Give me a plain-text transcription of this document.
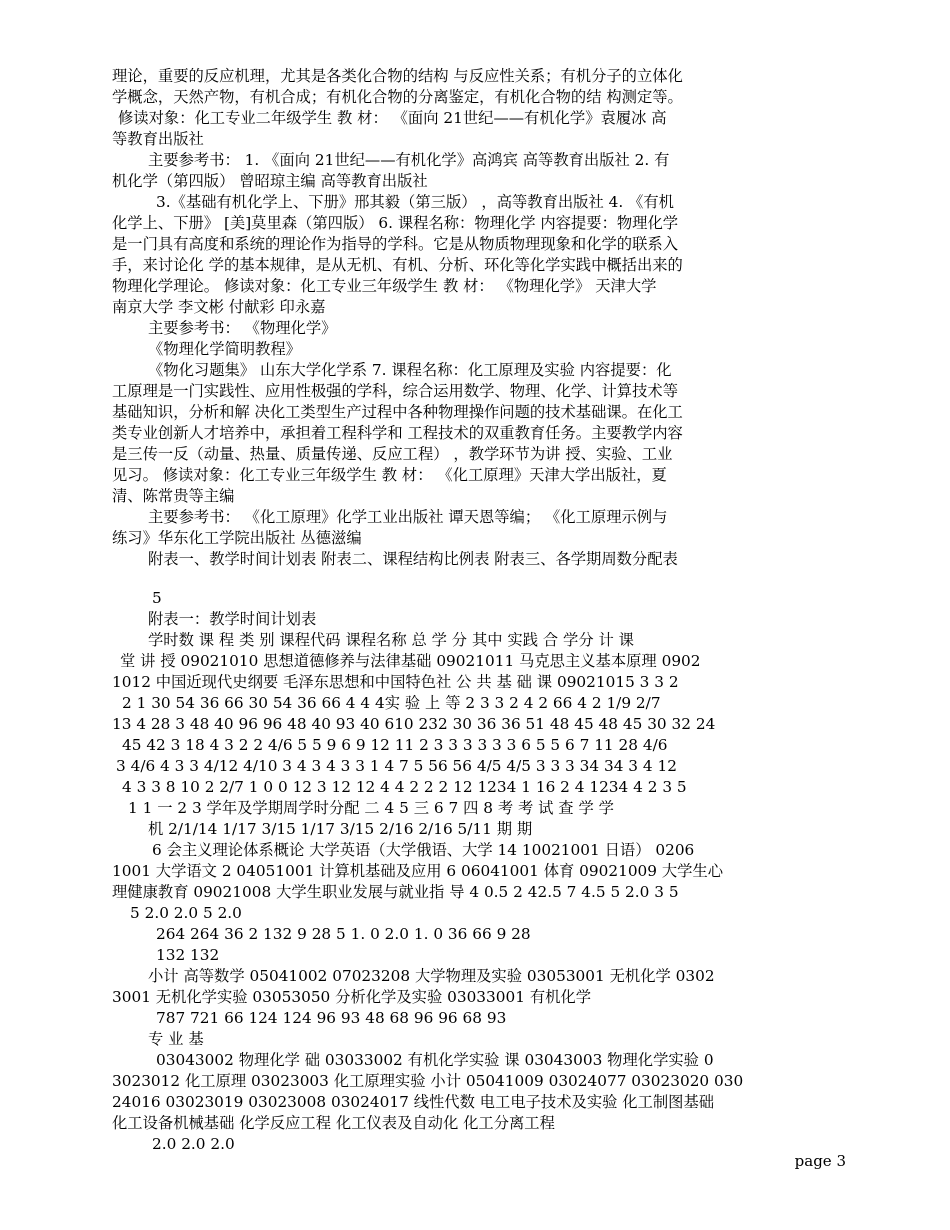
理论，重要的反应机理，尤其是各类化合物的结构 与反应性关系；有机分子的立体化
学概念，天然产物，有机合成；有机化合物的分离鉴定，有机化合物的结 构测定等。
修读对象：化工专业二年级学生 教 材： 《面向 21世纪——有机化学》袁履冰 高
等教育出版社
主要参考书： 1. 《面向 21世纪——有机化学》高鸿宾 高等教育出版社 2. 有
机化学（第四版） 曾昭琼主编 高等教育出版社
3.《基础有机化学上、下册》邢其毅（第三版） ，高等教育出版社 4. 《有机
化学上、下册》 [美]莫里森（第四版） 6. 课程名称：物理化学 内容提要：物理化学
是一门具有高度和系统的理论作为指导的学科。它是从物质物理现象和化学的联系入
手，来讨论化 学的基本规律，是从无机、有机、分析、环化等化学实践中概括出来的
物理化学理论。 修读对象：化工专业三年级学生 教 材： 《物理化学》 天津大学
南京大学 李文彬 付献彩 印永嘉
主要参考书： 《物理化学》
《物理化学简明教程》
《物化习题集》 山东大学化学系 7. 课程名称：化工原理及实验 内容提要：化
工原理是一门实践性、应用性极强的学科，综合运用数学、物理、化学、计算技术等
基础知识，分析和解 决化工类型生产过程中各种物理操作问题的技术基础课。在化工
类专业创新人才培养中，承担着工程科学和 工程技术的双重教育任务。主要教学内容
是三传一反（动量、热量、质量传递、反应工程） ，教学环节为讲 授、实验、工业
见习。 修读对象：化工专业三年级学生 教 材： 《化工原理》天津大学出版社，夏
清、陈常贵等主编
主要参考书： 《化工原理》化学工业出版社 谭天恩等编； 《化工原理示例与
练习》华东化工学院出版社 丛德滋编
附表一、教学时间计划表 附表二、课程结构比例表 附表三、各学期周数分配表
5
附表一：教学时间计划表
学时数 课 程 类 别 课程代码 课程名称 总 学 分 其中 实践 合 学分 计 课
堂 讲 授 09021010 思想道德修养与法律基础 09021011 马克思主义基本原理 0902
1012 中国近现代史纲要 毛泽东思想和中国特色社 公 共 基 础 课 09021015 3 3 2
2 1 30 54 36 66 30 54 36 66 4 4 4实 验 上 等 2 3 3 2 4 2 66 4 2 1/9 2/7
13 4 28 3 48 40 96 96 48 40 93 40 610 232 30 36 36 51 48 45 48 45 30 32 24
45 42 3 18 4 3 2 2 4/6 5 5 9 6 9 12 11 2 3 3 3 3 3 3 6 5 5 6 7 11 28 4/6
3 4/6 4 3 3 4/12 4/10 3 4 3 4 3 3 1 4 7 5 56 56 4/5 4/5 3 3 3 34 34 3 4 12
4 3 3 8 10 2 2/7 1 0 0 12 3 12 12 4 4 2 2 2 12 1234 1 16 2 4 1234 4 2 3 5
1 1 一 2 3 学年及学期周学时分配 二 4 5 三 6 7 四 8 考 考 试 查 学 学
机 2/1/14 1/17 3/15 1/17 3/15 2/16 2/16 5/11 期 期
6 会主义理论体系概论 大学英语（大学俄语、大学 14 10021001 日语） 0206
1001 大学语文 2 04051001 计算机基础及应用 6 06041001 体育 09021009 大学生心
理健康教育 09021008 大学生职业发展与就业指 导 4 0.5 2 42.5 7 4.5 5 2.0 3 5
5 2.0 2.0 5 2.0
264 264 36 2 132 9 28 5 1. 0 2.0 1. 0 36 66 9 28
132 132
小计 高等数学 05041002 07023208 大学物理及实验 03053001 无机化学 0302
3001 无机化学实验 03053050 分析化学及实验 03033001 有机化学
787 721 66 124 124 96 93 48 68 96 96 68 93
专 业 基
03043002 物理化学 础 03033002 有机化学实验 课 03043003 物理化学实验 0
3023012 化工原理 03023003 化工原理实验 小计 05041009 03024077 03023020 030
24016 03023019 03023008 03024017 线性代数 电工电子技术及实验 化工制图基础
化工设备机械基础 化学反应工程 化工仪表及自动化 化工分离工程
2.0 2.0 2.0
page 3
